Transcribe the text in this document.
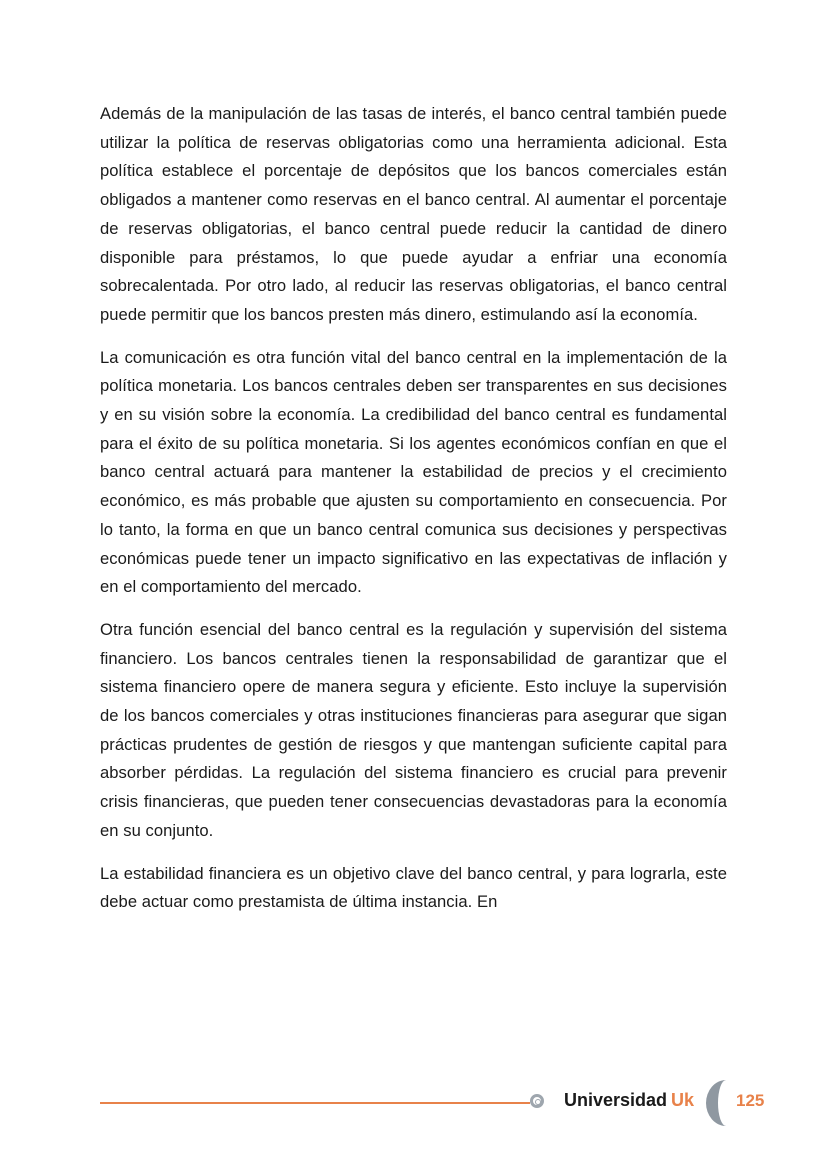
Además de la manipulación de las tasas de interés, el banco central también puede utilizar la política de reservas obligatorias como una herramienta adicional. Esta política establece el porcentaje de depósitos que los bancos comerciales están obligados a mantener como reservas en el banco central. Al aumentar el porcentaje de reservas obligatorias, el banco central puede reducir la cantidad de dinero disponible para préstamos, lo que puede ayudar a enfriar una economía sobrecalentada. Por otro lado, al reducir las reservas obligatorias, el banco central puede permitir que los bancos presten más dinero, estimulando así la economía.

La comunicación es otra función vital del banco central en la implementación de la política monetaria. Los bancos centrales deben ser transparentes en sus decisiones y en su visión sobre la economía. La credibilidad del banco central es fundamental para el éxito de su política monetaria. Si los agentes económicos confían en que el banco central actuará para mantener la estabilidad de precios y el crecimiento económico, es más probable que ajusten su comportamiento en consecuencia. Por lo tanto, la forma en que un banco central comunica sus decisiones y perspectivas económicas puede tener un impacto significativo en las expectativas de inflación y en el comportamiento del mercado.

Otra función esencial del banco central es la regulación y supervisión del sistema financiero. Los bancos centrales tienen la responsabilidad de garantizar que el sistema financiero opere de manera segura y eficiente. Esto incluye la supervisión de los bancos comerciales y otras instituciones financieras para asegurar que sigan prácticas prudentes de gestión de riesgos y que mantengan suficiente capital para absorber pérdidas. La regulación del sistema financiero es crucial para prevenir crisis financieras, que pueden tener consecuencias devastadoras para la economía en su conjunto.

La estabilidad financiera es un objetivo clave del banco central, y para lograrla, este debe actuar como prestamista de última instancia. En

Universidad Uk 125
